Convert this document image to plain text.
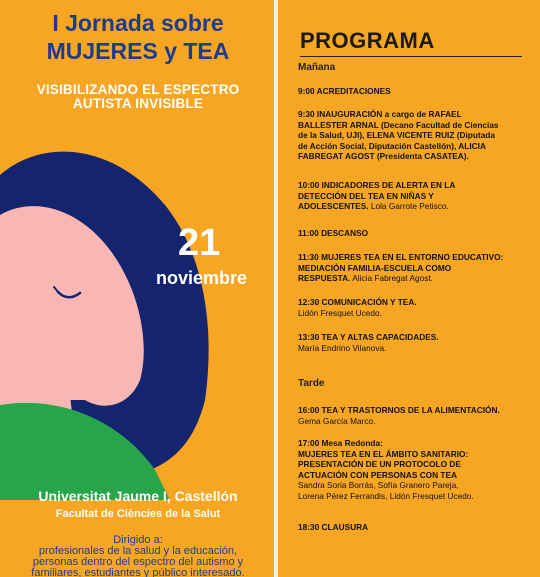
I Jornada sobre
MUJERES y TEA
VISIBILIZANDO EL ESPECTRO
AUTISTA INVISIBLE
21
noviembre
Universitat Jaume I, Castellón
Facultat de Ciències de la Salut
Dirigido a:
profesionales de la salud y la educación,
personas dentro del espectro del autismo y
familiares, estudiantes y público interesado.
PROGRAMA
Mañana
9:00 ACREDITACIONES
9:30 INAUGURACIÓN a cargo de RAFAEL
BALLESTER ARNAL (Decano Facultad de Ciencias
de la Salud, UJI), ELENA VICENTE RUIZ (Diputada
de Acción Social, Diputación Castellón), ALICIA
FABREGAT AGOST (Presidenta CASATEA).
10:00 INDICADORES DE ALERTA EN LA
DETECCIÓN DEL TEA EN NIÑAS Y
ADOLESCENTES. Lola Garrote Petisco.
11:00 DESCANSO
11:30 MUJERES TEA EN EL ENTORNO EDUCATIVO:
MEDIACIÓN FAMILIA-ESCUELA COMO
RESPUESTA. Alicia Fabregat Agost.
12:30 COMUNICACIÓN Y TEA.
Lidón Fresquet Ucedo.
13:30 TEA Y ALTAS CAPACIDADES.
María Endrino Vilanova.
Tarde
16:00 TEA Y TRASTORNOS DE LA ALIMENTACIÓN.
Gema García Marco.
17:00 Mesa Redonda:
MUJERES TEA EN EL ÁMBITO SANITARIO:
PRESENTACIÓN DE UN PROTOCOLO DE
ACTUACIÓN CON PERSONAS CON TEA
Sandra Soria Borrás, Sofía Granero Pareja,
Lorena Pérez Ferrandis, Lidón Fresquet Ucedo.
18:30 CLAUSURA
